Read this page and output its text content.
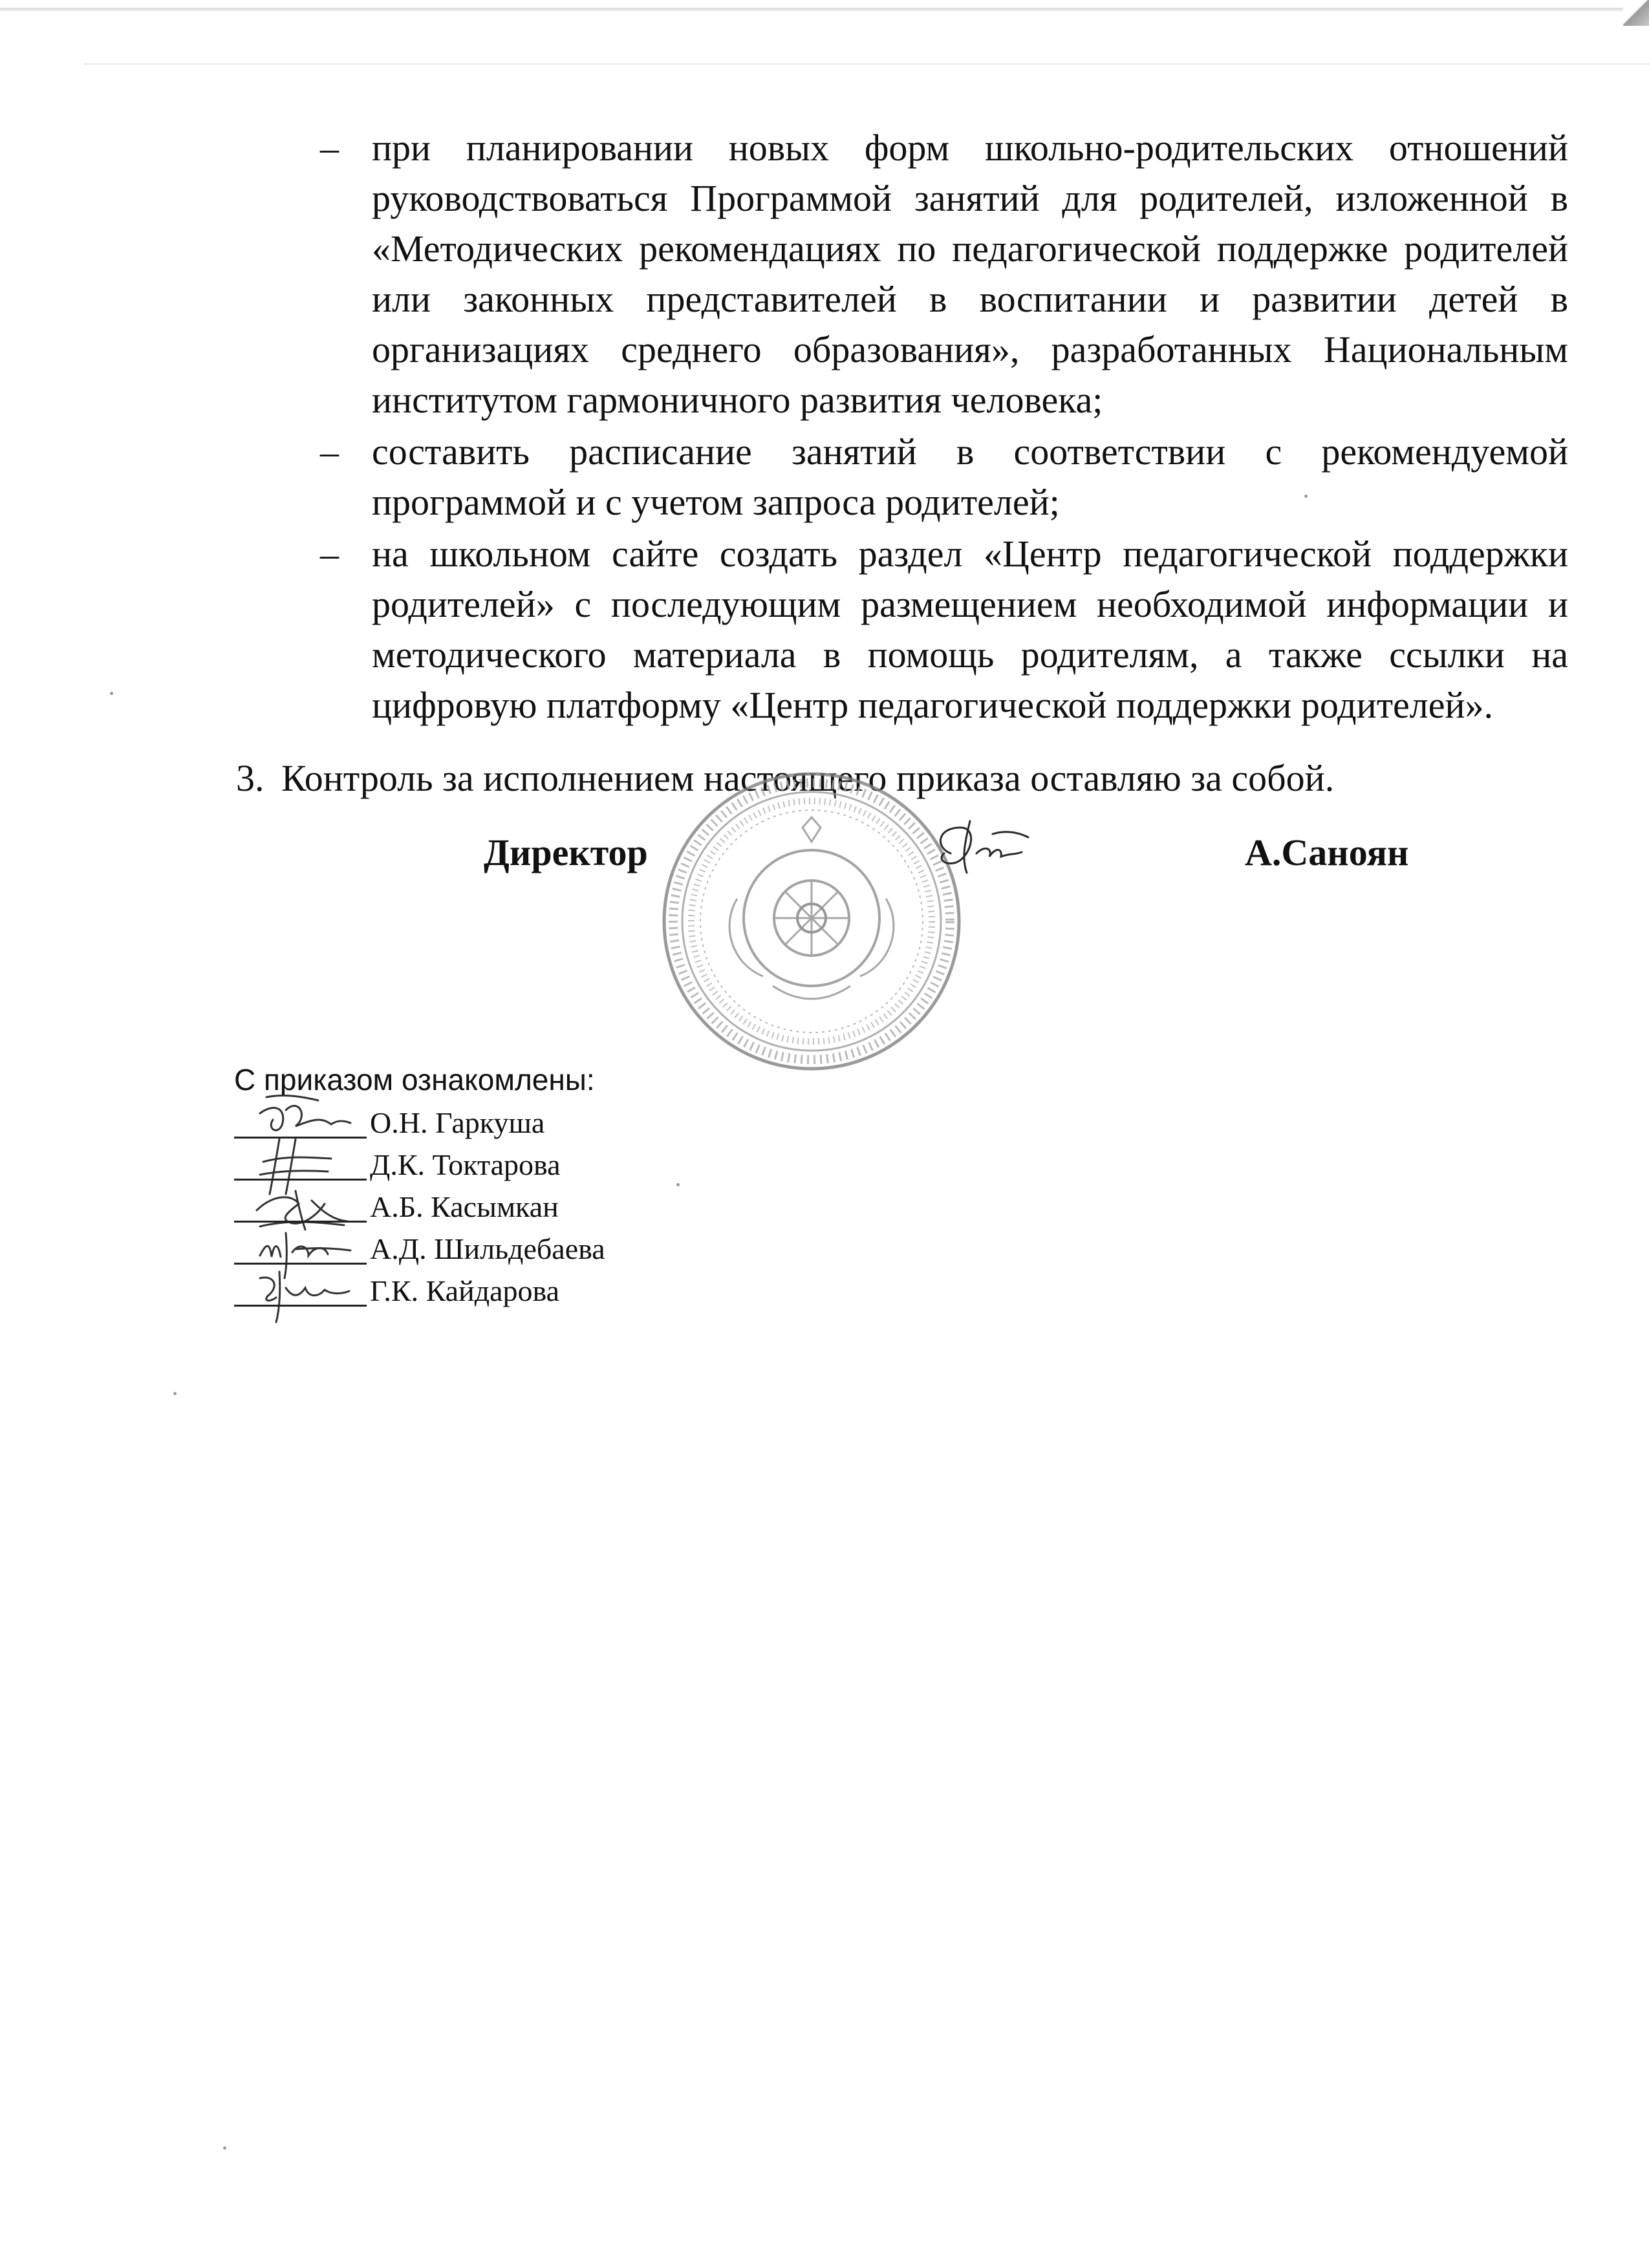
– при планировании новых форм школьно-родительских отношений руководствоваться Программой занятий для родителей, изложенной в «Методических рекомендациях по педагогической поддержке родителей или законных представителей в воспитании и развитии детей в организациях среднего образования», разработанных Национальным институтом гармоничного развития человека;
– составить расписание занятий в соответствии с рекомендуемой программой и с учетом запроса родителей;
– на школьном сайте создать раздел «Центр педагогической поддержки родителей» с последующим размещением необходимой информации и методического материала в помощь родителям, а также ссылки на цифровую платформу «Центр педагогической поддержки родителей».
3. Контроль за исполнением настоящего приказа оставляю за собой.
Директор	А.Саноян
С приказом ознакомлены:
О.Н. Гаркуша
Д.К. Токтарова
А.Б. Касымкан
А.Д. Шильдебаева
Г.К. Кайдарова
